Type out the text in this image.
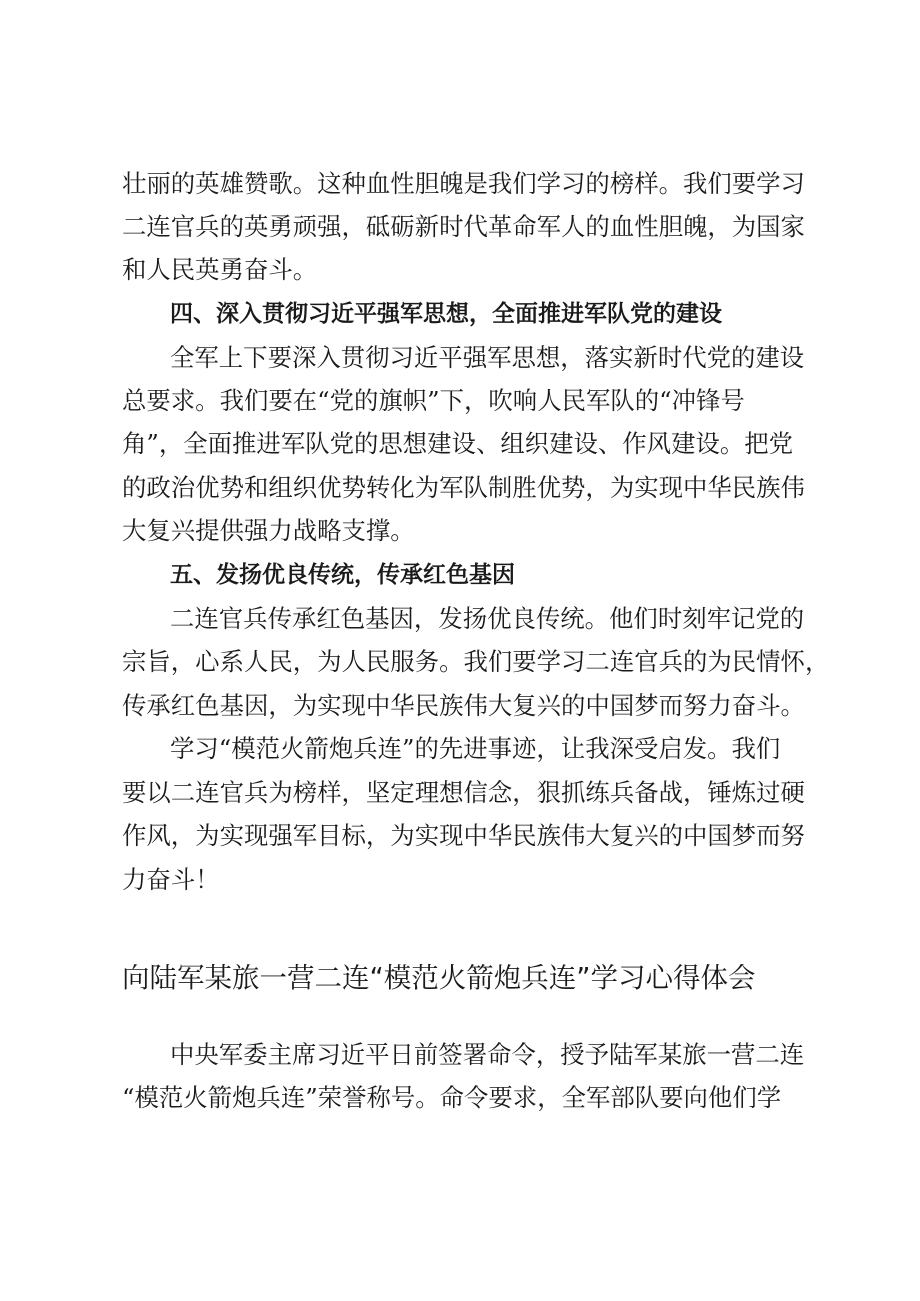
壮丽的英雄赞歌。这种血性胆魄是我们学习的榜样。我们要学习
二连官兵的英勇顽强，砥砺新时代革命军人的血性胆魄，为国家
和人民英勇奋斗。
四、深入贯彻习近平强军思想，全面推进军队党的建设
全军上下要深入贯彻习近平强军思想，落实新时代党的建设
总要求。我们要在“党的旗帜”下，吹响人民军队的“冲锋号
角”，全面推进军队党的思想建设、组织建设、作风建设。把党
的政治优势和组织优势转化为军队制胜优势，为实现中华民族伟
大复兴提供强力战略支撑。
五、发扬优良传统，传承红色基因
二连官兵传承红色基因，发扬优良传统。他们时刻牢记党的
宗旨，心系人民，为人民服务。我们要学习二连官兵的为民情怀，
传承红色基因，为实现中华民族伟大复兴的中国梦而努力奋斗。
学习“模范火箭炮兵连”的先进事迹，让我深受启发。我们
要以二连官兵为榜样，坚定理想信念，狠抓练兵备战，锤炼过硬
作风，为实现强军目标，为实现中华民族伟大复兴的中国梦而努
力奋斗！
向陆军某旅一营二连“模范火箭炮兵连”学习心得体会
中央军委主席习近平日前签署命令，授予陆军某旅一营二连
“模范火箭炮兵连”荣誉称号。命令要求，全军部队要向他们学
